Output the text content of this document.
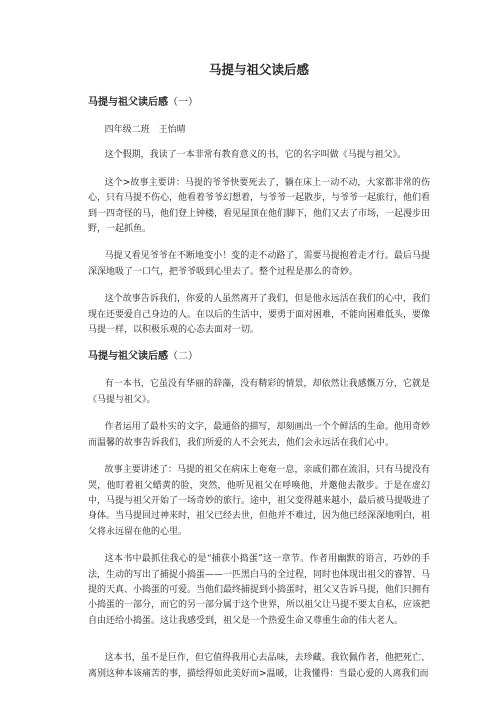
马提与祖父读后感
马提与祖父读后感（一）

四年级二班　王怡晴

这个假期，我读了一本非常有教育意义的书，它的名字叫做《马提与祖父》。

这个>故事主要讲：马提的爷爷快要死去了，躺在床上一动不动，大家都非常的伤心，只有马提不伤心，他看着爷爷幻想着，与爷爷一起散步，与爷爷一起旅行，他们看到一四奇怪的马，他们登上钟楼，看见屋顶在他们脚下，他们又去了市场，一起漫步田野，一起抓鱼。

马提又看见爷爷在不断地变小！变的走不动路了，需要马提抱着走才行。最后马提深深地吸了一口气，把爷爷吸到心里去了。整个过程是那么的奇妙。

这个故事告诉我们，你爱的人虽然离开了我们，但是他永远活在我们的心中，我们现在还要爱自己身边的人。在以后的生活中，要勇于面对困难，不能向困难低头，要像马提一样，以积极乐观的心态去面对一切。

马提与祖父读后感（二）

有一本书，它虽没有华丽的辞藻，没有精彩的情景，却依然让我感慨万分，它就是《马提与祖父》。

作者运用了最朴实的文字，最通俗的描写，却刻画出一个个鲜活的生命。他用奇妙而温馨的故事告诉我们，我们所爱的人不会死去，他们会永远活在我们心中。

故事主要讲述了：马提的祖父在病床上奄奄一息，亲戚们都在流泪，只有马提没有哭，他盯着祖父蜡黄的脸，突然，他听见祖父在呼唤他，并邀他去散步。于是在虚幻中，马提与祖父开始了一场奇妙的旅行。途中，祖父变得越来越小，最后被马提吸进了身体。当马提回过神来时，祖父已经去世，但他并不难过，因为他已经深深地明白，祖父将永远留在他的心里。

这本书中最抓住我心的是“捕获小捣蛋”这一章节。作者用幽默的语言，巧妙的手法，生动的写出了捕捉小捣蛋——一匹黑白马的全过程，同时也体现出祖父的睿智、马提的天真、小捣蛋的可爱。当他们最终捕捉到小捣蛋时，祖父又告诉马提，他们只拥有小捣蛋的一部分，而它的另一部分属于这个世界，所以祖父让马提不要太自私，应该把自由还给小捣蛋。这让我感受到，祖父是一个热爱生命又尊重生命的伟大老人。

这本书，虽不是巨作，但它值得我用心去品味，去珍藏。我钦佩作者，他把死亡、离别这种本该痛苦的事，描绘得如此美好而>温暖，让我懂得：当最心爱的人离我们而
